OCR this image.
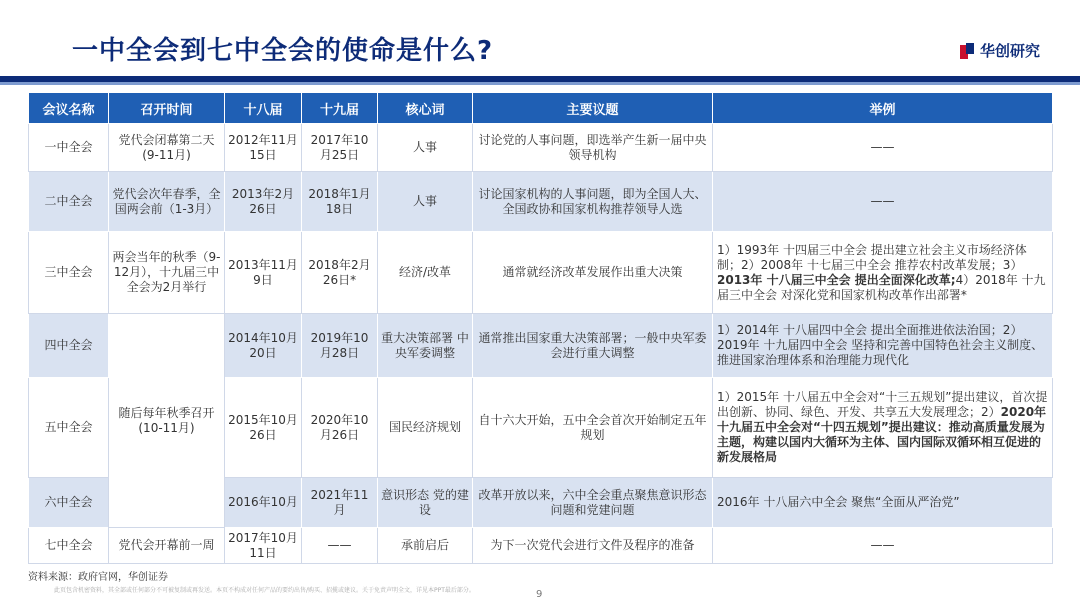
一中全会到七中全会的使命是什么?	华创研究
会议名称	召开时间	十八届	十九届	核心词	主要议题	举例
一中全会	党代会闭幕第二天(9-11月)	2012年11月15日	2017年10月25日	人事	讨论党的人事问题，即选举产生新一届中央领导机构	——
二中全会	党代会次年春季，全国两会前（1-3月）	2013年2月26日	2018年1月18日	人事	讨论国家机构的人事问题，即为全国人大、全国政协和国家机构推荐领导人选	——
三中全会	两会当年的秋季（9-12月），十九届三中全会为2月举行	2013年11月9日	2018年2月26日*	经济/改革	通常就经济改革发展作出重大决策	1）1993年 十四届三中全会 提出建立社会主义市场经济体制；2）2008年 十七届三中全会 推荐农村改革发展；3）2013年 十八届三中全会 提出全面深化改革;4）2018年 十九届三中全会 对深化党和国家机构改革作出部署*
四中全会	随后每年秋季召开(10-11月)	2014年10月20日	2019年10月28日	重大决策部署 中央军委调整	通常推出国家重大决策部署；一般中央军委会进行重大调整	1）2014年 十八届四中全会 提出全面推进依法治国；2）2019年 十九届四中全会 坚持和完善中国特色社会主义制度、推进国家治理体系和治理能力现代化
五中全会		2015年10月26日	2020年10月26日	国民经济规划	自十六大开始，五中全会首次开始制定五年规划	1）2015年 十八届五中全会对“十三五规划”提出建议，首次提出创新、协同、绿色、开发、共享五大发展理念；2）2020年 十九届五中全会对“十四五规划”提出建议：推动高质量发展为主题，构建以国内大循环为主体、国内国际双循环相互促进的新发展格局
六中全会		2016年10月	2021年11月	意识形态 党的建设	改革开放以来，六中全会重点聚焦意识形态问题和党建问题	2016年 十八届六中全会 聚焦“全面从严治党”
七中全会	党代会开幕前一周	2017年10月11日	——	承前启后	为下一次党代会进行文件及程序的准备	——
资料来源：政府官网，华创证券
此页包含机密资料，其全部或任何部分不可被复制或再发送。本页不构成对任何产品的要约出售/购买、招揽或建议。关于免责声明全文，详见本PPT最后部分。	9
